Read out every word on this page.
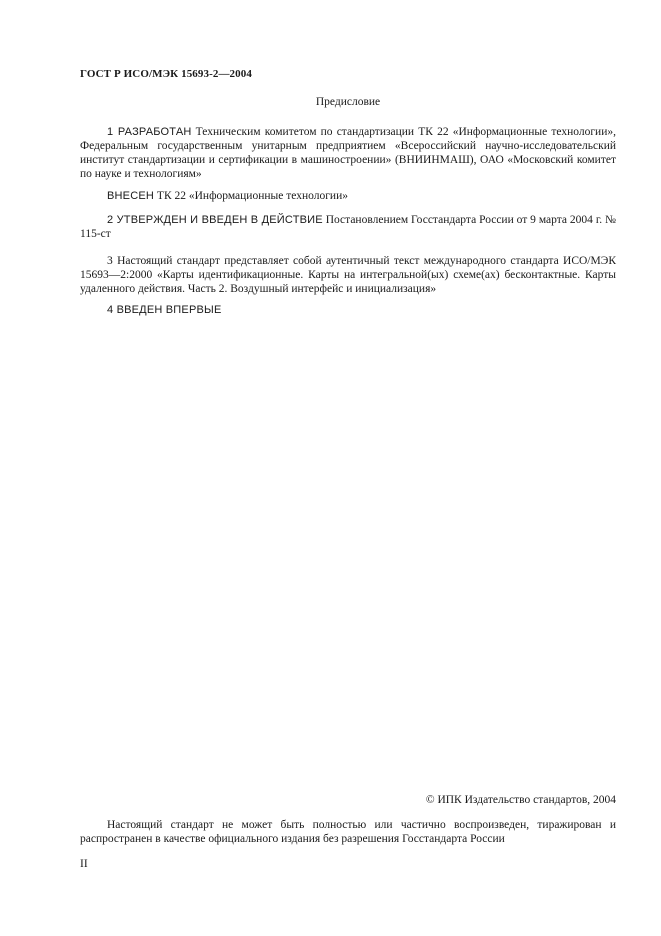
ГОСТ Р ИСО/МЭК 15693-2—2004
Предисловие

1 РАЗРАБОТАН Техническим комитетом по стандартизации ТК 22 «Информационные технологии», Федеральным государственным унитарным предприятием «Всероссийский научно-исследовательский институт стандартизации и сертификации в машиностроении» (ВНИИНМАШ), ОАО «Московский комитет по науке и технологиям»

ВНЕСЕН ТК 22 «Информационные технологии»

2 УТВЕРЖДЕН И ВВЕДЕН В ДЕЙСТВИЕ Постановлением Госстандарта России от 9 марта 2004 г. № 115-ст

3 Настоящий стандарт представляет собой аутентичный текст международного стандарта ИСО/МЭК 15693—2:2000 «Карты идентификационные. Карты на интегральной(ых) схеме(ах) бесконтактные. Карты удаленного действия. Часть 2. Воздушный интерфейс и инициализация»

4 ВВЕДЕН ВПЕРВЫЕ

© ИПК Издательство стандартов, 2004

Настоящий стандарт не может быть полностью или частично воспроизведен, тиражирован и распространен в качестве официального издания без разрешения Госстандарта России

II
